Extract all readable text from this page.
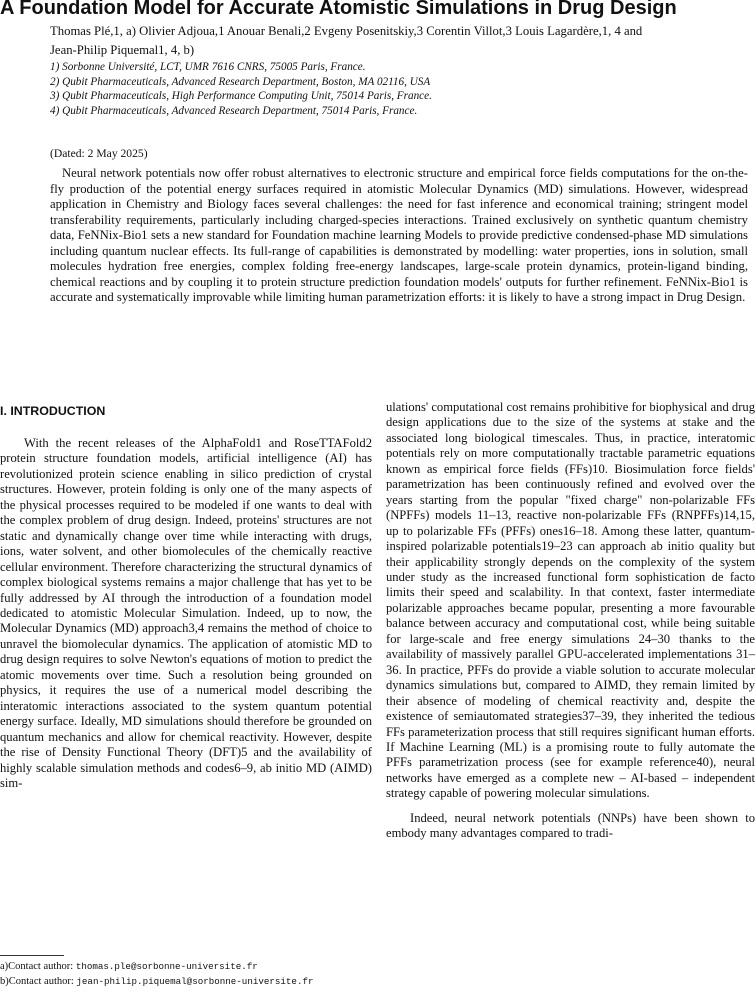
A Foundation Model for Accurate Atomistic Simulations in Drug Design
Thomas Plé,1, a) Olivier Adjoua,1 Anouar Benali,2 Evgeny Posenitskiy,3 Corentin Villot,3 Louis Lagardère,1, 4 and
Jean-Philip Piquemal1, 4, b)
1) Sorbonne Université, LCT, UMR 7616 CNRS, 75005 Paris, France.
2) Qubit Pharmaceuticals, Advanced Research Department, Boston, MA 02116, USA
3) Qubit Pharmaceuticals, High Performance Computing Unit, 75014 Paris, France.
4) Qubit Pharmaceuticals, Advanced Research Department, 75014 Paris, France.
(Dated: 2 May 2025)
Neural network potentials now offer robust alternatives to electronic structure and empirical force fields computations for the on-the-fly production of the potential energy surfaces required in atomistic Molecular Dynamics (MD) simulations. However, widespread application in Chemistry and Biology faces several challenges: the need for fast inference and economical training; stringent model transferability requirements, particularly including charged-species interactions. Trained exclusively on synthetic quantum chemistry data, FeNNix-Bio1 sets a new standard for Foundation machine learning Models to provide predictive condensed-phase MD simulations including quantum nuclear effects. Its full-range of capabilities is demonstrated by modelling: water properties, ions in solution, small molecules hydration free energies, complex folding free-energy landscapes, large-scale protein dynamics, protein-ligand binding, chemical reactions and by coupling it to protein structure prediction foundation models' outputs for further refinement. FeNNix-Bio1 is accurate and systematically improvable while limiting human parametrization efforts: it is likely to have a strong impact in Drug Design.
I. INTRODUCTION
With the recent releases of the AlphaFold1 and RoseTTAFold2 protein structure foundation models, artificial intelligence (AI) has revolutionized protein science enabling in silico prediction of crystal structures. However, protein folding is only one of the many aspects of the physical processes required to be modeled if one wants to deal with the complex problem of drug design. Indeed, proteins' structures are not static and dynamically change over time while interacting with drugs, ions, water solvent, and other biomolecules of the chemically reactive cellular environment. Therefore characterizing the structural dynamics of complex biological systems remains a major challenge that has yet to be fully addressed by AI through the introduction of a foundation model dedicated to atomistic Molecular Simulation. Indeed, up to now, the Molecular Dynamics (MD) approach3,4 remains the method of choice to unravel the biomolecular dynamics. The application of atomistic MD to drug design requires to solve Newton's equations of motion to predict the atomic movements over time. Such a resolution being grounded on physics, it requires the use of a numerical model describing the interatomic interactions associated to the system quantum potential energy surface. Ideally, MD simulations should therefore be grounded on quantum mechanics and allow for chemical reactivity. However, despite the rise of Density Functional Theory (DFT)5 and the availability of highly scalable simulation methods and codes6–9, ab initio MD (AIMD) sim-
ulations' computational cost remains prohibitive for biophysical and drug design applications due to the size of the systems at stake and the associated long biological timescales. Thus, in practice, interatomic potentials rely on more computationally tractable parametric equations known as empirical force fields (FFs)10. Biosimulation force fields' parametrization has been continuously refined and evolved over the years starting from the popular "fixed charge" non-polarizable FFs (NPFFs) models 11–13, reactive non-polarizable FFs (RNPFFs)14,15, up to polarizable FFs (PFFs) ones16–18. Among these latter, quantum-inspired polarizable potentials19–23 can approach ab initio quality but their applicability strongly depends on the complexity of the system under study as the increased functional form sophistication de facto limits their speed and scalability. In that context, faster intermediate polarizable approaches became popular, presenting a more favourable balance between accuracy and computational cost, while being suitable for large-scale and free energy simulations 24–30 thanks to the availability of massively parallel GPU-accelerated implementations 31–36. In practice, PFFs do provide a viable solution to accurate molecular dynamics simulations but, compared to AIMD, they remain limited by their absence of modeling of chemical reactivity and, despite the existence of semiautomated strategies37–39, they inherited the tedious FFs parameterization process that still requires significant human efforts. If Machine Learning (ML) is a promising route to fully automate the PFFs parametrization process (see for example reference40), neural networks have emerged as a complete new – AI-based – independent strategy capable of powering molecular simulations.
Indeed, neural network potentials (NNPs) have been shown to embody many advantages compared to tradi-
a)Contact author: thomas.ple@sorbonne-universite.fr
b)Contact author: jean-philip.piquemal@sorbonne-universite.fr
